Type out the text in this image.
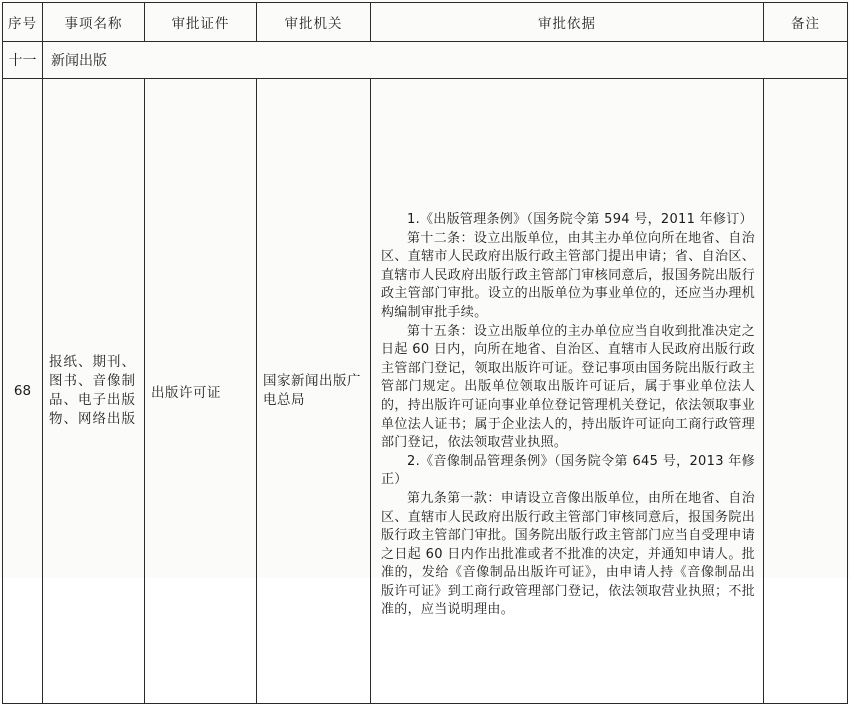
序号	事项名称	审批证件	审批机关	审批依据	备注
十一	新闻出版				
68	报纸、期刊、图书、音像制品、电子出版物、网络出版	出版许可证	国家新闻出版广电总局	1.《出版管理条例》（国务院令第 594 号，2011 年修订）

第十二条：设立出版单位，由其主办单位向所在地省、自治区、直辖市人民政府出版行政主管部门提出申请；省、自治区、直辖市人民政府出版行政主管部门审核同意后，报国务院出版行政主管部门审批。设立的出版单位为事业单位的，还应当办理机构编制审批手续。

第十五条：设立出版单位的主办单位应当自收到批准决定之日起 60 日内，向所在地省、自治区、直辖市人民政府出版行政主管部门登记，领取出版许可证。登记事项由国务院出版行政主管部门规定。出版单位领取出版许可证后，属于事业单位法人的，持出版许可证向事业单位登记管理机关登记，依法领取事业单位法人证书；属于企业法人的，持出版许可证向工商行政管理部门登记，依法领取营业执照。

2.《音像制品管理条例》（国务院令第 645 号，2013 年修正）

第九条第一款：申请设立音像出版单位，由所在地省、自治区、直辖市人民政府出版行政主管部门审核同意后，报国务院出版行政主管部门审批。国务院出版行政主管部门应当自受理申请之日起 60 日内作出批准或者不批准的决定，并通知申请人。批准的，发给《音像制品出版许可证》，由申请人持《音像制品出版许可证》到工商行政管理部门登记，依法领取营业执照；不批准的，应当说明理由。	
